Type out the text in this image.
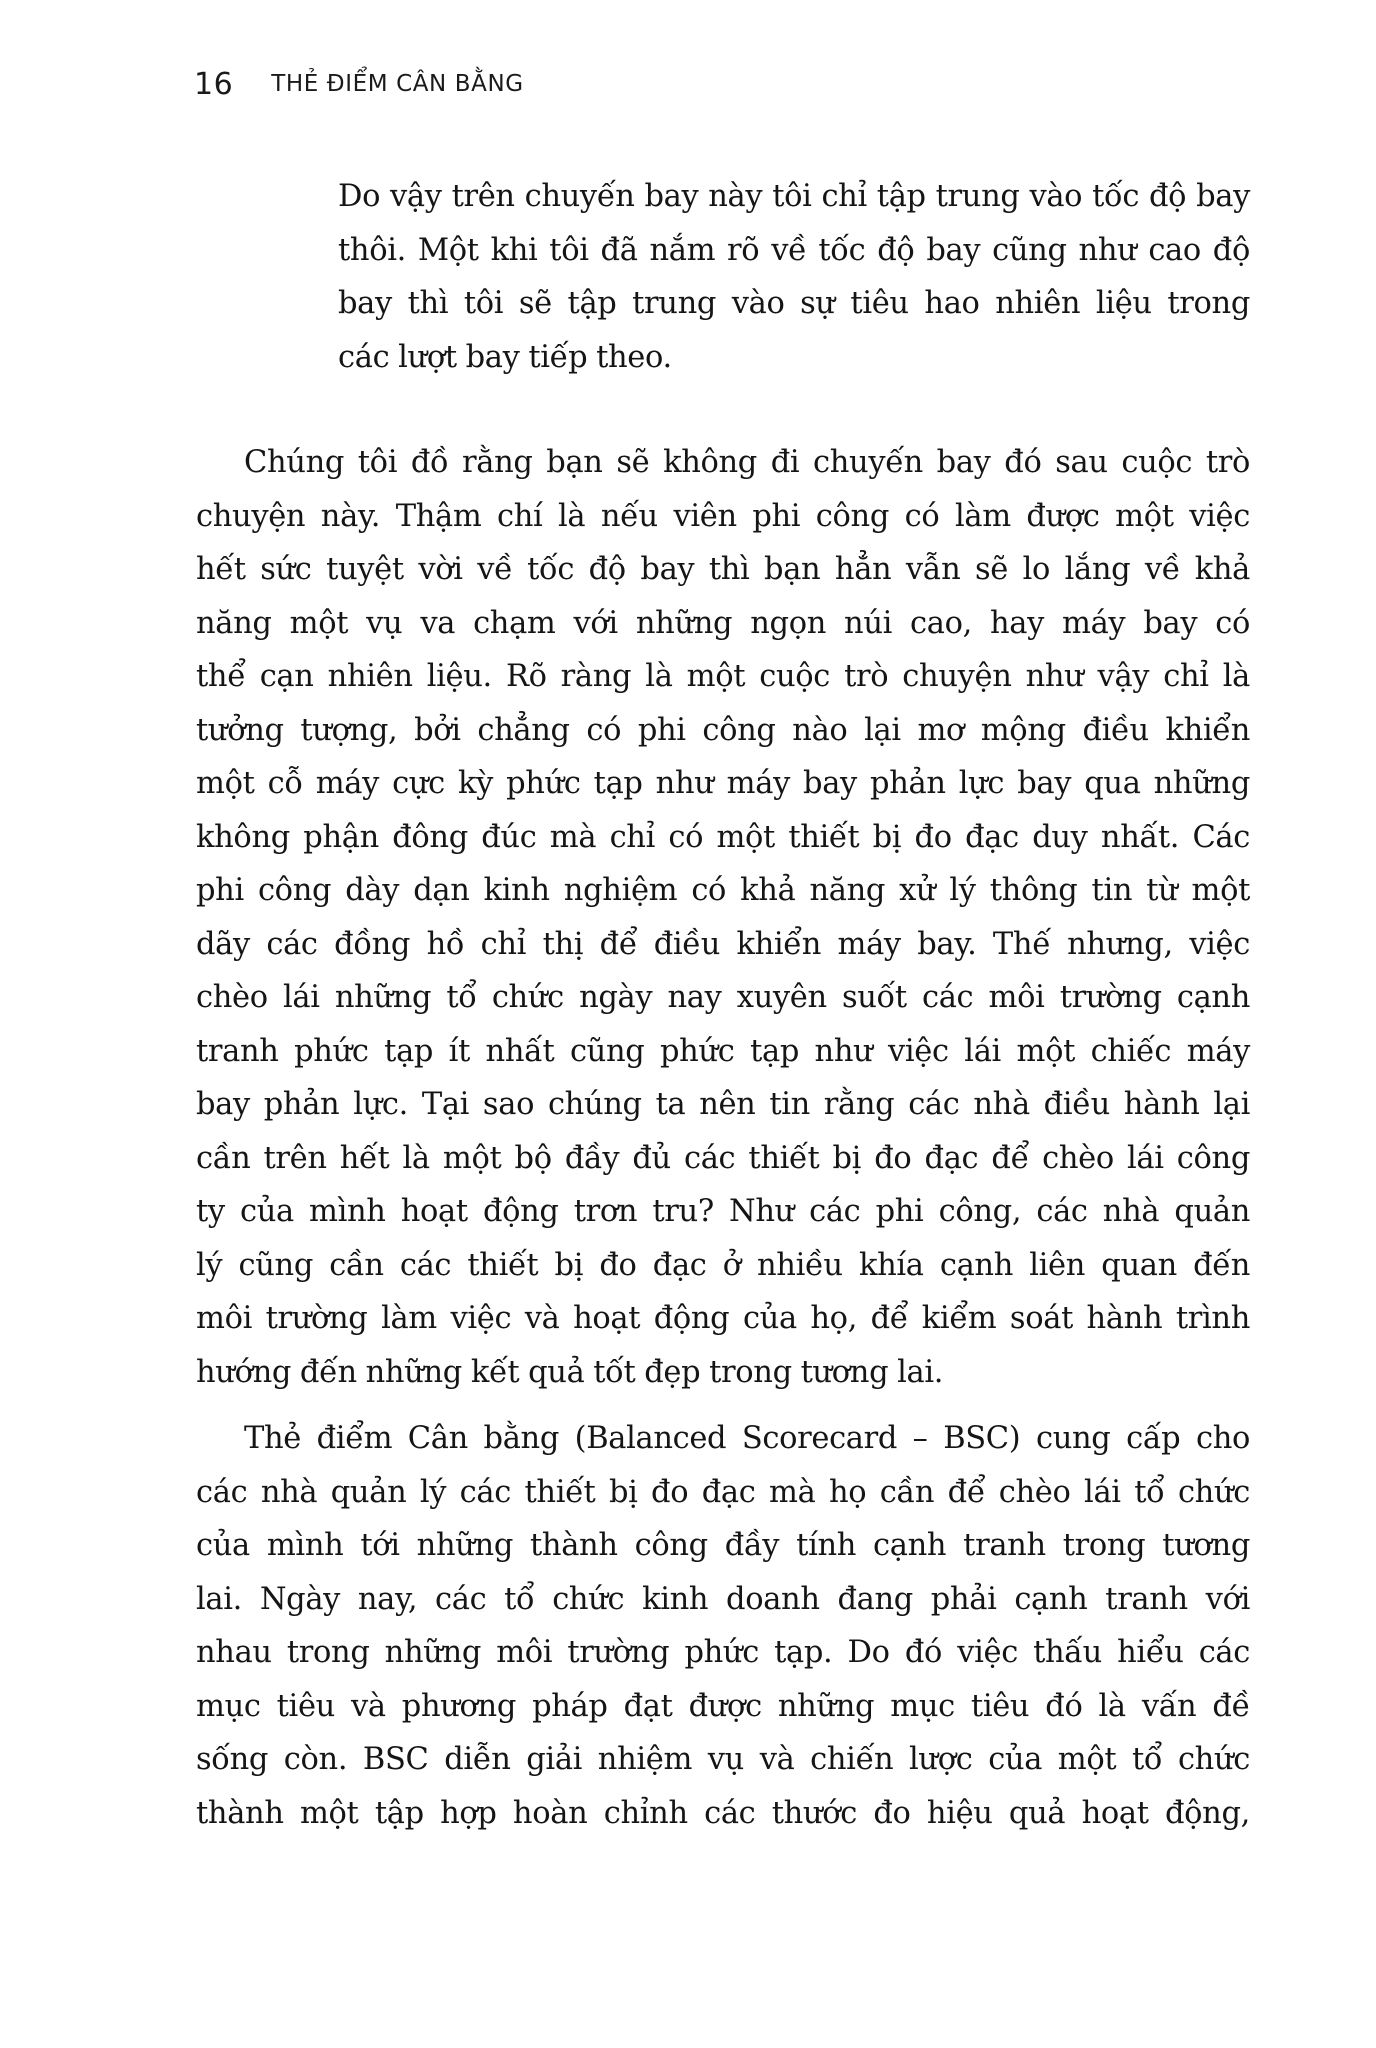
16 THẺ ĐIỂM CÂN BẰNG
Do vậy trên chuyến bay này tôi chỉ tập trung vào tốc độ bay
thôi. Một khi tôi đã nắm rõ về tốc độ bay cũng như cao độ
bay thì tôi sẽ tập trung vào sự tiêu hao nhiên liệu trong
các lượt bay tiếp theo.
Chúng tôi đồ rằng bạn sẽ không đi chuyến bay đó sau cuộc trò
chuyện này. Thậm chí là nếu viên phi công có làm được một việc
hết sức tuyệt vời về tốc độ bay thì bạn hẳn vẫn sẽ lo lắng về khả
năng một vụ va chạm với những ngọn núi cao, hay máy bay có
thể cạn nhiên liệu. Rõ ràng là một cuộc trò chuyện như vậy chỉ là
tưởng tượng, bởi chẳng có phi công nào lại mơ mộng điều khiển
một cỗ máy cực kỳ phức tạp như máy bay phản lực bay qua những
không phận đông đúc mà chỉ có một thiết bị đo đạc duy nhất. Các
phi công dày dạn kinh nghiệm có khả năng xử lý thông tin từ một
dãy các đồng hồ chỉ thị để điều khiển máy bay. Thế nhưng, việc
chèo lái những tổ chức ngày nay xuyên suốt các môi trường cạnh
tranh phức tạp ít nhất cũng phức tạp như việc lái một chiếc máy
bay phản lực. Tại sao chúng ta nên tin rằng các nhà điều hành lại
cần trên hết là một bộ đầy đủ các thiết bị đo đạc để chèo lái công
ty của mình hoạt động trơn tru? Như các phi công, các nhà quản
lý cũng cần các thiết bị đo đạc ở nhiều khía cạnh liên quan đến
môi trường làm việc và hoạt động của họ, để kiểm soát hành trình
hướng đến những kết quả tốt đẹp trong tương lai.
Thẻ điểm Cân bằng (Balanced Scorecard – BSC) cung cấp cho
các nhà quản lý các thiết bị đo đạc mà họ cần để chèo lái tổ chức
của mình tới những thành công đầy tính cạnh tranh trong tương
lai. Ngày nay, các tổ chức kinh doanh đang phải cạnh tranh với
nhau trong những môi trường phức tạp. Do đó việc thấu hiểu các
mục tiêu và phương pháp đạt được những mục tiêu đó là vấn đề
sống còn. BSC diễn giải nhiệm vụ và chiến lược của một tổ chức
thành một tập hợp hoàn chỉnh các thước đo hiệu quả hoạt động,
